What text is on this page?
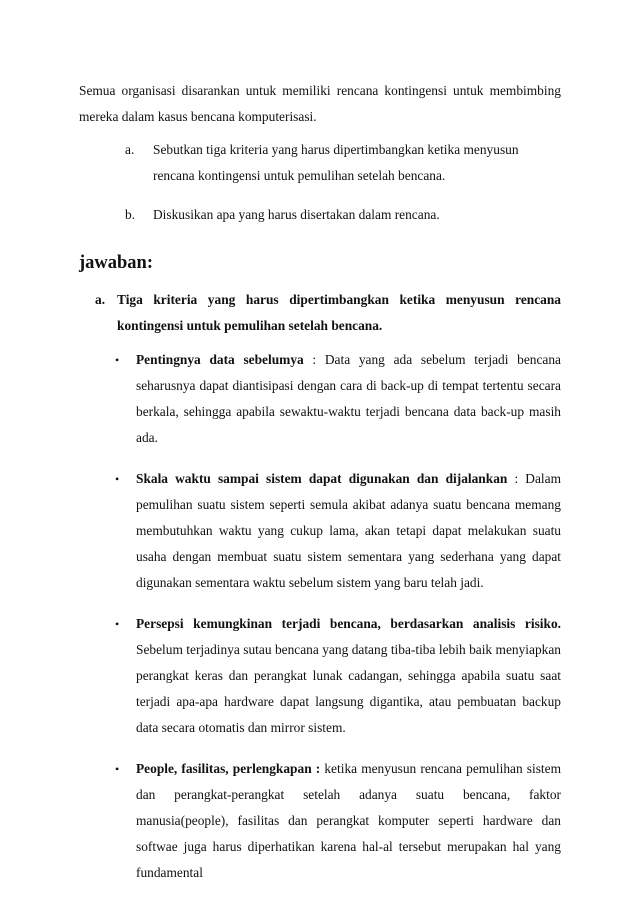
Semua organisasi disarankan untuk memiliki rencana kontingensi untuk membimbing mereka dalam kasus bencana komputerisasi.

a. Sebutkan tiga kriteria yang harus dipertimbangkan ketika menyusun rencana kontingensi untuk pemulihan setelah bencana.
b. Diskusikan apa yang harus disertakan dalam rencana.
jawaban:
a. Tiga kriteria yang harus dipertimbangkan ketika menyusun rencana
kontingensi untuk pemulihan setelah bencana.
• Pentingnya data sebelumya : Data yang ada sebelum terjadi bencana seharusnya dapat diantisipasi dengan cara di back-up di tempat tertentu secara berkala, sehingga apabila sewaktu-waktu terjadi bencana data back-up masih ada.
• Skala waktu sampai sistem dapat digunakan dan dijalankan : Dalam pemulihan suatu sistem seperti semula akibat adanya suatu bencana memang membutuhkan waktu yang cukup lama, akan tetapi dapat melakukan suatu usaha dengan membuat suatu sistem sementara yang sederhana yang dapat digunakan sementara waktu sebelum sistem yang baru telah jadi.
• Persepsi kemungkinan terjadi bencana, berdasarkan analisis risiko. Sebelum terjadinya sutau bencana yang datang tiba-tiba lebih baik menyiapkan perangkat keras dan perangkat lunak cadangan, sehingga apabila suatu saat terjadi apa-apa hardware dapat langsung digantika, atau pembuatan backup data secara otomatis dan mirror sistem.
• People, fasilitas, perlengkapan : ketika menyusun rencana pemulihan sistem dan perangkat-perangkat setelah adanya suatu bencana, faktor manusia(people), fasilitas dan perangkat komputer seperti hardware dan softwae juga harus diperhatikan karena hal-al tersebut merupakan hal yang fundamental
